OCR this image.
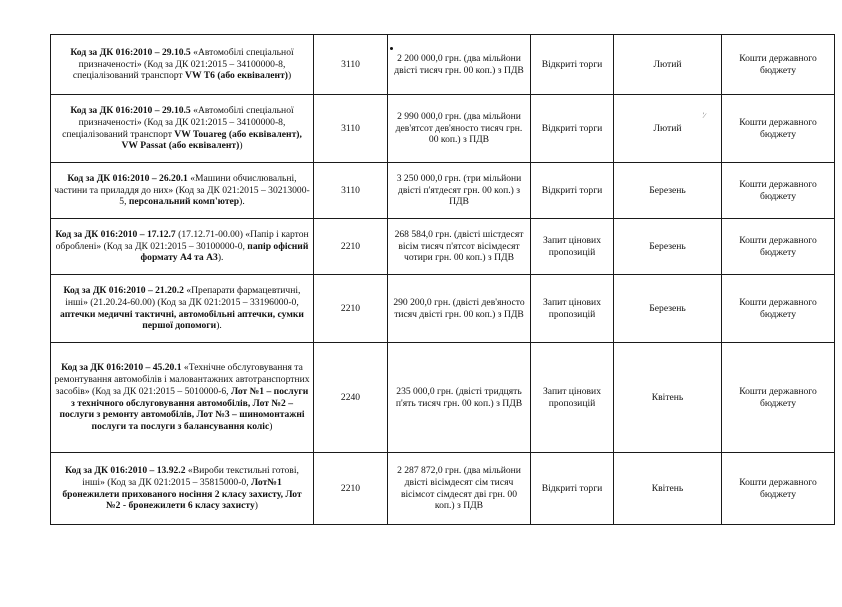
'/
Код за ДК 016:2010 – 29.10.5 «Автомобілі спеціальної призначеності» (Код за ДК 021:2015 – 34100000-8, спеціалізований транспорт VW Т6 (або еквівалент))	3110	2 200 000,0 грн. (два мільйони двісті тисяч грн. 00 коп.) з ПДВ	Відкриті торги	Лютий	Кошти державного бюджету
Код за ДК 016:2010 – 29.10.5 «Автомобілі спеціальної призначеності» (Код за ДК 021:2015 – 34100000-8, спеціалізований транспорт VW Touareg (або еквівалент), VW Passat (або еквівалент))	3110	2 990 000,0 грн. (два мільйони дев'ятсот дев'яносто тисяч грн. 00 коп.) з ПДВ	Відкриті торги	Лютий	Кошти державного бюджету
Код за ДК 016:2010 – 26.20.1 «Машини обчислювальні, частини та приладдя до них» (Код за ДК 021:2015 – 30213000-5, персональний комп'ютер).	3110	3 250 000,0 грн. (три мільйони двісті п'ятдесят грн. 00 коп.) з ПДВ	Відкриті торги	Березень	Кошти державного бюджету
Код за ДК 016:2010 – 17.12.7 (17.12.71-00.00) «Папір і картон оброблені» (Код за ДК 021:2015 – 30100000-0, папір офісний формату А4 та А3).	2210	268 584,0 грн. (двісті шістдесят вісім тисяч п'ятсот вісімдесят чотири грн. 00 коп.) з ПДВ	Запит цінових пропозицій	Березень	Кошти державного бюджету
Код за ДК 016:2010 – 21.20.2 «Препарати фармацевтичні, інші» (21.20.24-60.00) (Код за ДК 021:2015 – 33196000-0, аптечки медичні тактичні, автомобільні аптечки, сумки першої допомоги).	2210	290 200,0 грн. (двісті дев'яносто тисяч двісті грн. 00 коп.) з ПДВ	Запит цінових пропозицій	Березень	Кошти державного бюджету
Код за ДК 016:2010 – 45.20.1 «Технічне обслуговування та ремонтування автомобілів і маловантажних автотранспортних засобів» (Код за ДК 021:2015 – 5010000-6, Лот №1 – послуги з технічного обслуговування автомобілів, Лот №2 – послуги з ремонту автомобілів, Лот №3 – шиномонтажні послуги та послуги з балансування коліс)	2240	235 000,0 грн. (двісті тридцять п'ять тисяч грн. 00 коп.) з ПДВ	Запит цінових пропозицій	Квітень	Кошти державного бюджету
Код за ДК 016:2010 – 13.92.2 «Вироби текстильні готові, інші» (Код за ДК 021:2015 – 35815000-0, Лот№1 бронежилети прихованого носіння 2 класу захисту, Лот №2 - бронежилети 6 класу захисту)	2210	2 287 872,0 грн. (два мільйони двісті вісімдесят сім тисяч вісімсот сімдесят дві грн. 00 коп.) з ПДВ	Відкриті торги	Квітень	Кошти державного бюджету
